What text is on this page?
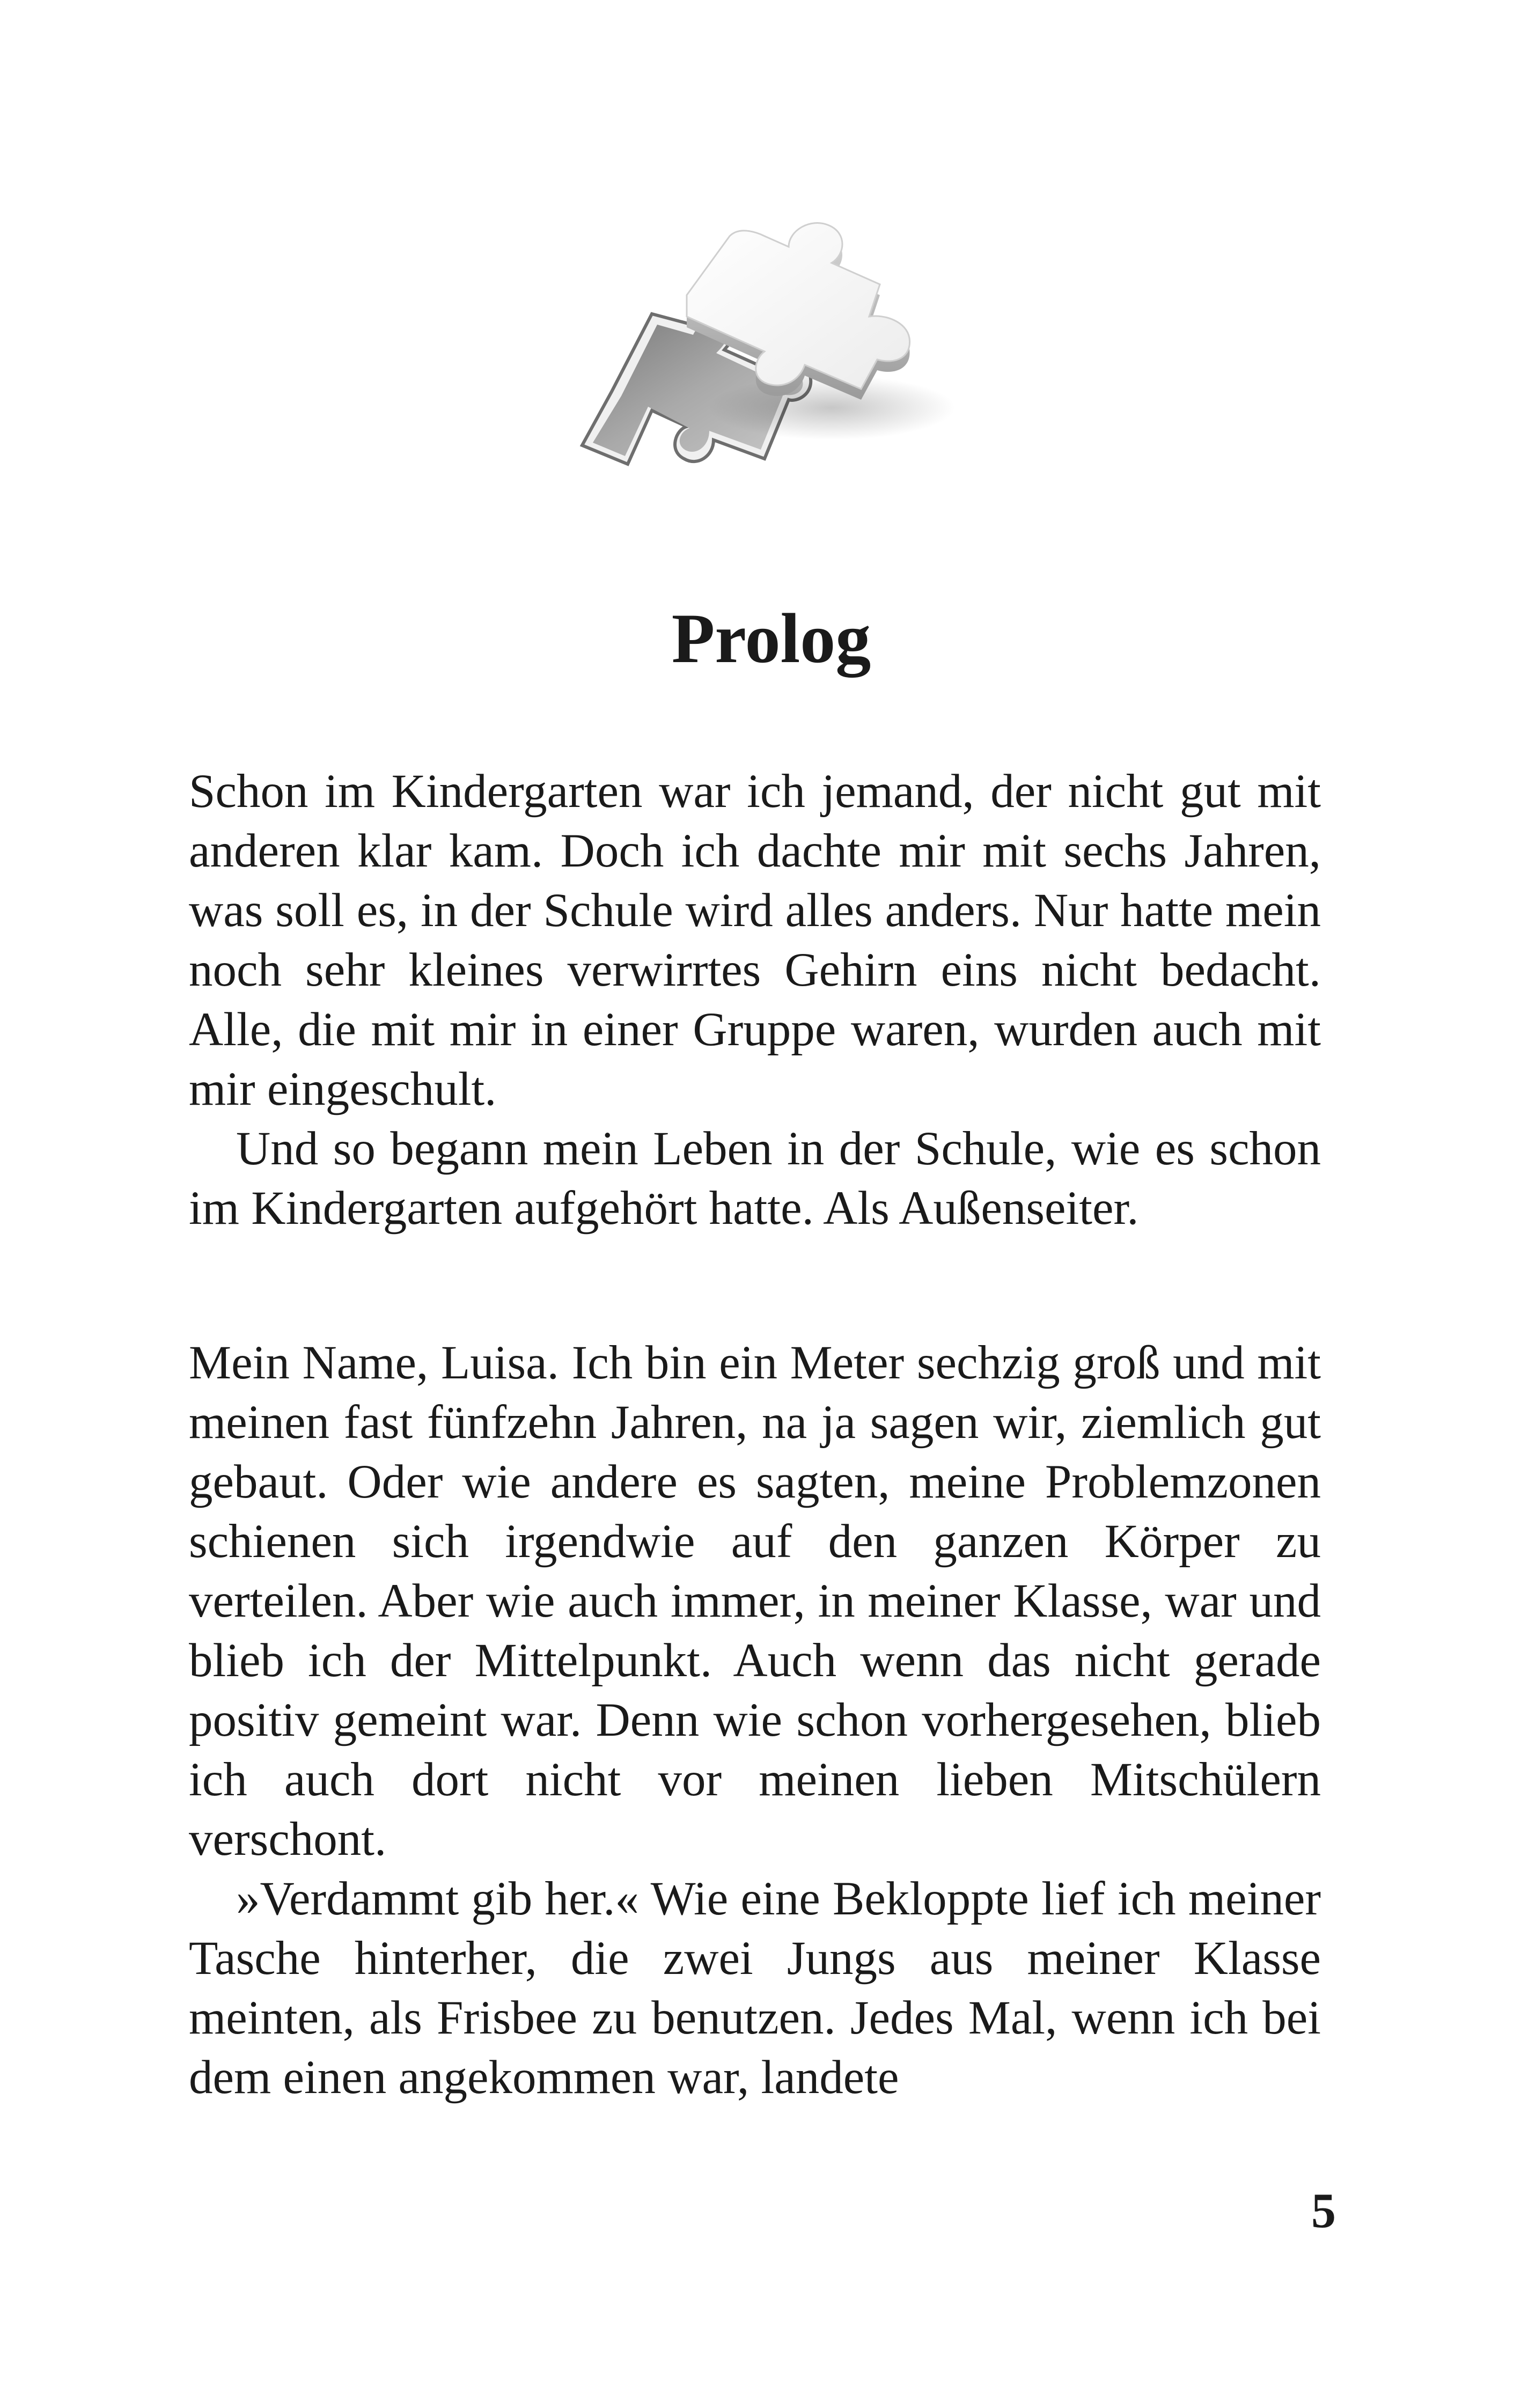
Prolog

Schon im Kindergarten war ich jemand, der nicht gut mit anderen klar kam. Doch ich dachte mir mit sechs Jahren, was soll es, in der Schule wird alles anders. Nur hatte mein noch sehr kleines verwirrtes Gehirn eins nicht bedacht. Alle, die mit mir in einer Gruppe waren, wurden auch mit mir eingeschult.

Und so begann mein Leben in der Schule, wie es schon im Kindergarten aufgehört hatte. Als Außenseiter.

Mein Name, Luisa. Ich bin ein Meter sechzig groß und mit meinen fast fünfzehn Jahren, na ja sagen wir, ziemlich gut gebaut. Oder wie andere es sagten, meine Problemzonen schienen sich irgendwie auf den ganzen Körper zu verteilen. Aber wie auch immer, in meiner Klasse, war und blieb ich der Mittelpunkt. Auch wenn das nicht gerade positiv gemeint war. Denn wie schon vorhergesehen, blieb ich auch dort nicht vor meinen lieben Mitschülern verschont.

»Verdammt gib her.« Wie eine Bekloppte lief ich meiner Tasche hinterher, die zwei Jungs aus meiner Klasse meinten, als Frisbee zu benutzen. Jedes Mal, wenn ich bei dem einen angekommen war, landete

5
